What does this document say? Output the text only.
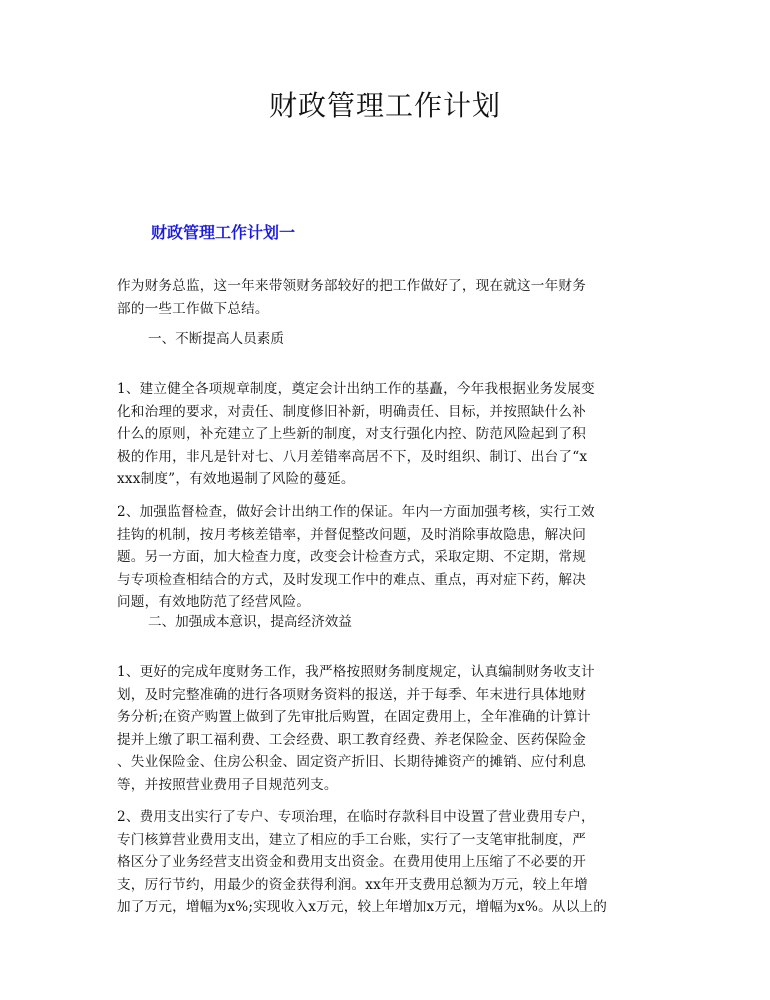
财政管理工作计划
财政管理工作计划一

作为财务总监，这一年来带领财务部较好的把工作做好了，现在就这一年财务
部的一些工作做下总结。

一、不断提高人员素质

1、建立健全各项规章制度，奠定会计出纳工作的基矗，今年我根据业务发展变
化和治理的要求，对责任、制度修旧补新，明确责任、目标，并按照缺什么补
什么的原则，补充建立了上些新的制度，对支行强化内控、防范风险起到了积
极的作用，非凡是针对七、八月差错率高居不下，及时组织、制订、出台了“x
xxx制度”，有效地遏制了风险的蔓延。

2、加强监督检查，做好会计出纳工作的保证。年内一方面加强考核，实行工效
挂钩的机制，按月考核差错率，并督促整改问题，及时消除事故隐患，解决问
题。另一方面，加大检查力度，改变会计检查方式，采取定期、不定期，常规
与专项检查相结合的方式，及时发现工作中的难点、重点，再对症下药，解决
问题，有效地防范了经营风险。

二、加强成本意识，提高经济效益

1、更好的完成年度财务工作，我严格按照财务制度规定，认真编制财务收支计
划，及时完整准确的进行各项财务资料的报送，并于每季、年末进行具体地财
务分析;在资产购置上做到了先审批后购置，在固定费用上，全年准确的计算计
提并上缴了职工福利费、工会经费、职工教育经费、养老保险金、医药保险金
、失业保险金、住房公积金、固定资产折旧、长期待摊资产的摊销、应付利息
等，并按照营业费用子目规范列支。

2、费用支出实行了专户、专项治理，在临时存款科目中设置了营业费用专户，
专门核算营业费用支出，建立了相应的手工台账，实行了一支笔审批制度，严
格区分了业务经营支出资金和费用支出资金。在费用使用上压缩了不必要的开
支，厉行节约，用最少的资金获得利润。xx年开支费用总额为万元，较上年增
加了万元，增幅为x%;实现收入x万元，较上年增加x万元，增幅为x%。从以上的
